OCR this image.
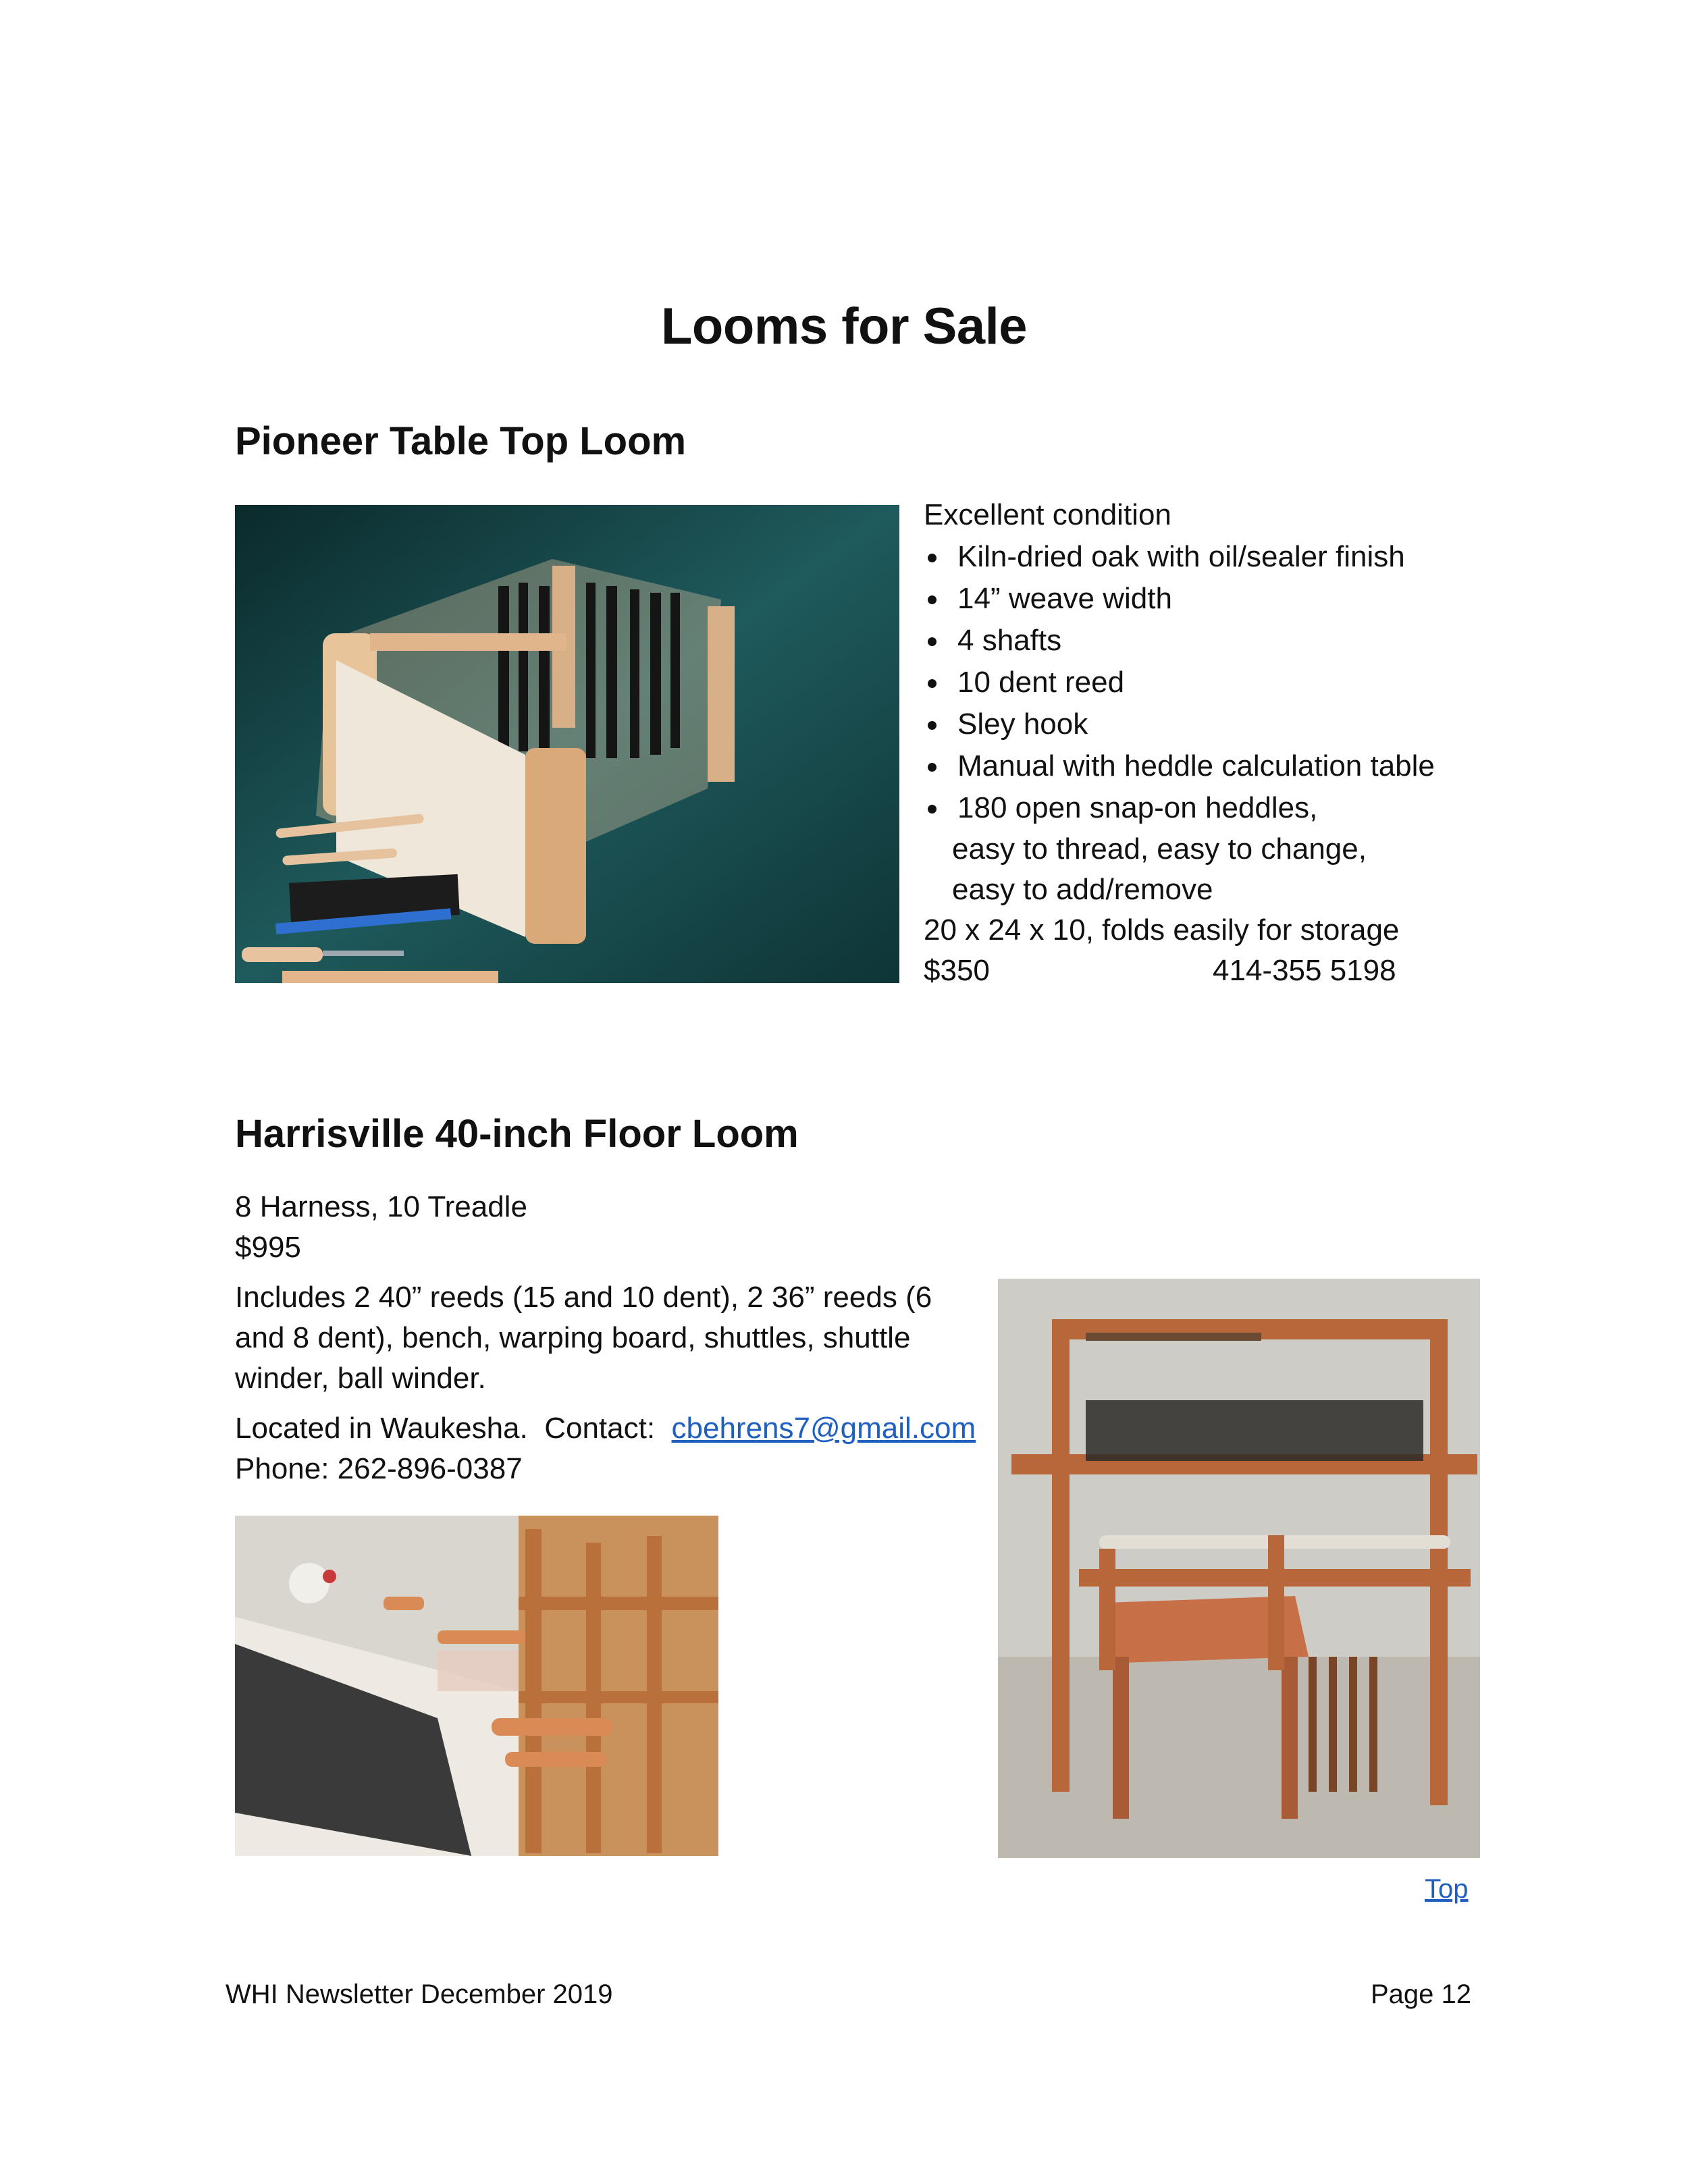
Looms for Sale
Pioneer Table Top Loom
Excellent condition
Kiln-dried oak with oil/sealer finish
14” weave width
4 shafts
10 dent reed
Sley hook
Manual with heddle calculation table
180 open snap-on heddles,
easy to thread, easy to change,
easy to add/remove
20 x 24 x 10, folds easily for storage
$350	414-355 5198
Harrisville 40-inch Floor Loom
8 Harness, 10 Treadle
$995
Includes 2 40” reeds (15 and 10 dent), 2 36” reeds (6
and 8 dent), bench, warping board, shuttles, shuttle
winder, ball winder.
Located in Waukesha.  Contact:  cbehrens7@gmail.com
Phone: 262-896-0387
Top
WHI Newsletter December 2019	Page 12
